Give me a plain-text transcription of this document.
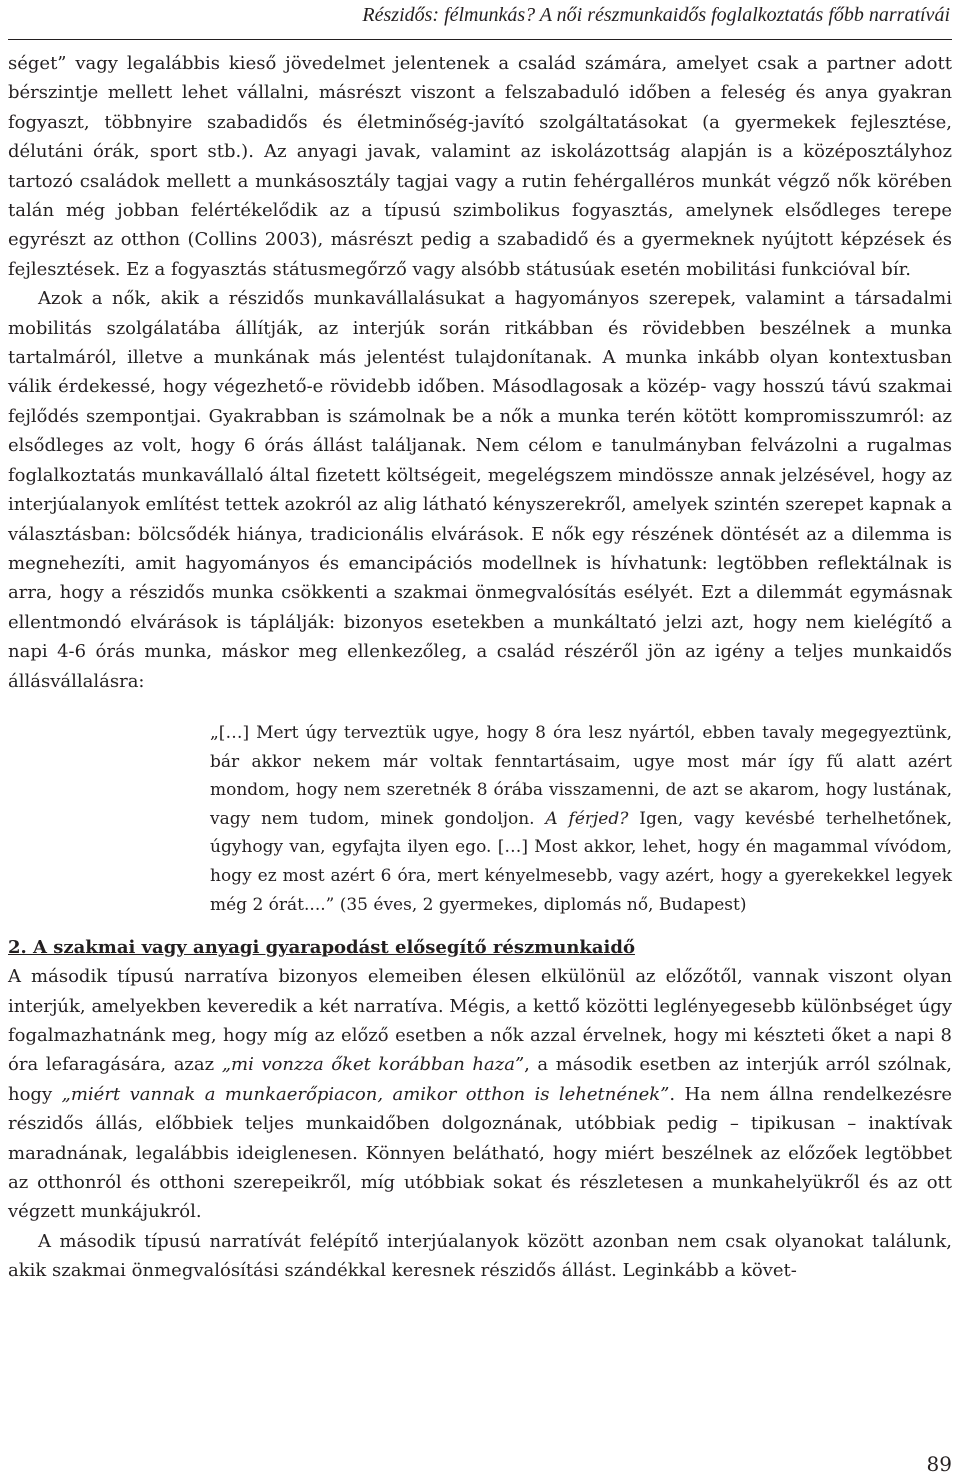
Részidős: félmunkás? A női részmunkaidős foglalkoztatás főbb narratívái

séget” vagy legalábbis kieső jövedelmet jelentenek a család számára, amelyet csak a partner adott bérszintje mellett lehet vállalni, másrészt viszont a felszabaduló időben a feleség és anya gyakran fogyaszt, többnyire szabadidős és életminőség-javító szolgáltatásokat (a gyermekek fejlesztése, délutáni órák, sport stb.). Az anyagi javak, valamint az iskolázottság alapján is a középosztályhoz tartozó családok mellett a munkásosztály tagjai vagy a rutin fehérgalléros munkát végző nők körében talán még jobban felértékelődik az a típusú szimbolikus fogyasztás, amelynek elsődleges terepe egyrészt az otthon (Collins 2003), másrészt pedig a szabadidő és a gyermeknek nyújtott képzések és fejlesztések. Ez a fogyasztás státusmegőrző vagy alsóbb státusúak esetén mobilitási funkcióval bír.

Azok a nők, akik a részidős munkavállalásukat a hagyományos szerepek, valamint a társadalmi mobilitás szolgálatába állítják, az interjúk során ritkábban és rövidebben beszélnek a munka tartalmáról, illetve a munkának más jelentést tulajdonítanak. A munka inkább olyan kontextusban válik érdekessé, hogy végezhető-e rövidebb időben. Másodlagosak a közép- vagy hosszú távú szakmai fejlődés szempontjai. Gyakrabban is számolnak be a nők a munka terén kötött kompromisszumról: az elsődleges az volt, hogy 6 órás állást találjanak. Nem célom e tanulmányban felvázolni a rugalmas foglalkoztatás munkavállaló által fizetett költségeit, megelégszem mindössze annak jelzésével, hogy az interjúalanyok említést tettek azokról az alig látható kényszerekről, amelyek szintén szerepet kapnak a választásban: bölcsődék hiánya, tradicionális elvárások. E nők egy részének döntését az a dilemma is megnehezíti, amit hagyományos és emancipációs modellnek is hívhatunk: legtöbben reflektálnak is arra, hogy a részidős munka csökkenti a szakmai önmegvalósítás esélyét. Ezt a dilemmát egymásnak ellentmondó elvárások is táplálják: bizonyos esetekben a munkáltató jelzi azt, hogy nem kielégítő a napi 4-6 órás munka, máskor meg ellenkezőleg, a család részéről jön az igény a teljes munkaidős állásvállalásra:

„[…] Mert úgy terveztük ugye, hogy 8 óra lesz nyártól, ebben tavaly megegyeztünk, bár akkor nekem már voltak fenntartásaim, ugye most már így fű alatt azért mondom, hogy nem szeretnék 8 órába visszamenni, de azt se akarom, hogy lustának, vagy nem tudom, minek gondoljon. A férjed? Igen, vagy kevésbé terhelhetőnek, úgyhogy van, egyfajta ilyen ego. […] Most akkor, lehet, hogy én magammal vívódom, hogy ez most azért 6 óra, mert kényelmesebb, vagy azért, hogy a gyerekekkel legyek még 2 órát....” (35 éves, 2 gyermekes, diplomás nő, Budapest)

2. A szakmai vagy anyagi gyarapodást elősegítő részmunkaidő

A második típusú narratíva bizonyos elemeiben élesen elkülönül az előzőtől, vannak viszont olyan interjúk, amelyekben keveredik a két narratíva. Mégis, a kettő közötti leglényegesebb különbséget úgy fogalmazhatnánk meg, hogy míg az előző esetben a nők azzal érvelnek, hogy mi készteti őket a napi 8 óra lefaragására, azaz „mi vonzza őket korábban haza”, a második esetben az interjúk arról szólnak, hogy „miért vannak a munkaerőpiacon, amikor otthon is lehetnének”. Ha nem állna rendelkezésre részidős állás, előbbiek teljes munkaidőben dolgoznának, utóbbiak pedig – tipikusan – inaktívak maradnának, legalábbis ideiglenesen. Könnyen belátható, hogy miért beszélnek az előzőek legtöbbet az otthonról és otthoni szerepeikről, míg utóbbiak sokat és részletesen a munkahelyükről és az ott végzett munkájukról.

A második típusú narratívát felépítő interjúalanyok között azonban nem csak olyanokat találunk, akik szakmai önmegvalósítási szándékkal keresnek részidős állást. Leginkább a követ-

89
